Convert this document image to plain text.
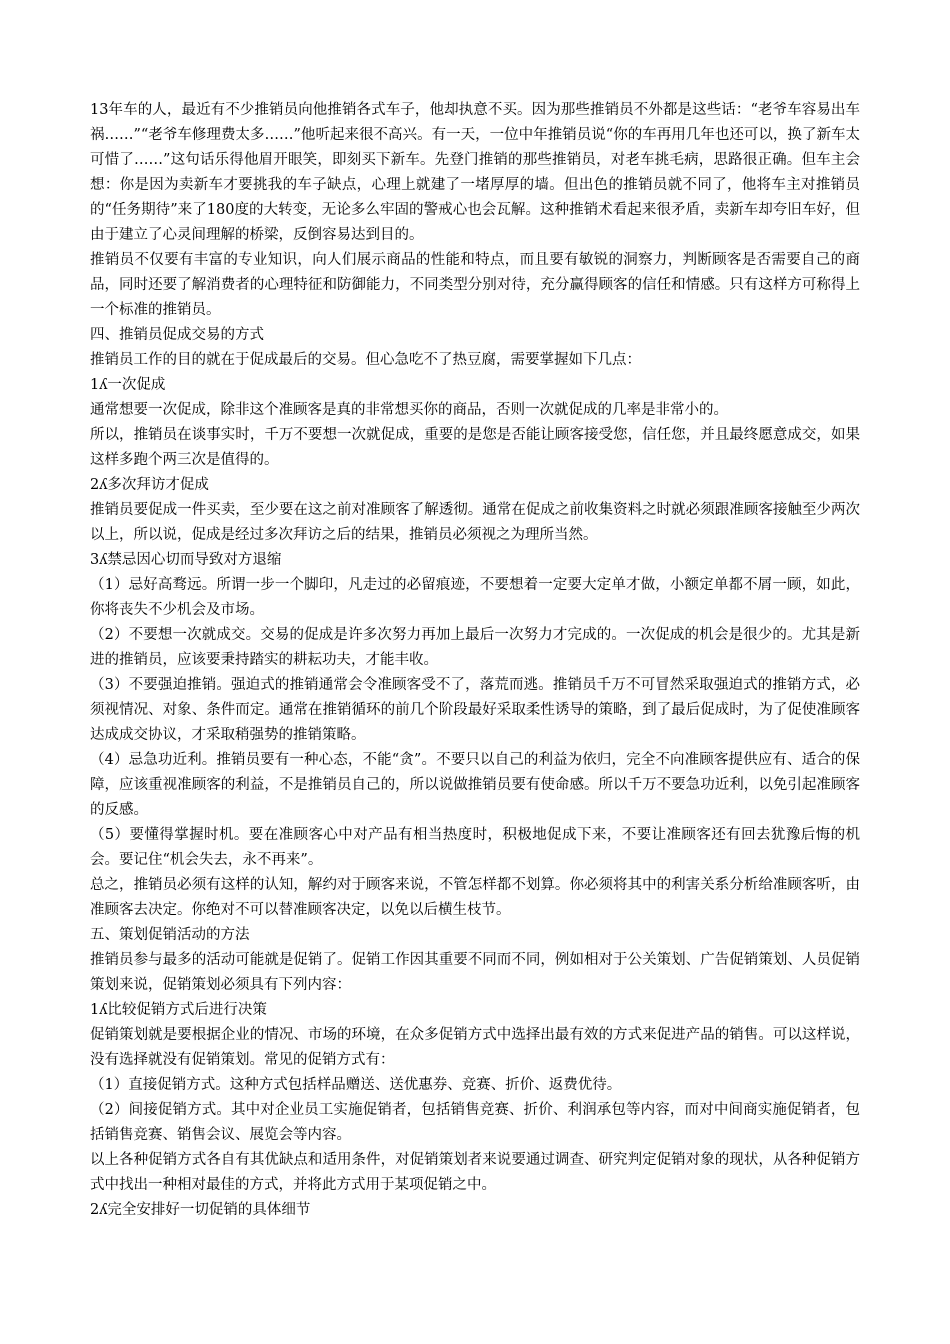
13年车的人，最近有不少推销员向他推销各式车子，他却执意不买。因为那些推销员不外都是这些话：“老爷车容易出车祸……”“老爷车修理费太多……”他听起来很不高兴。有一天，一位中年推销员说“你的车再用几年也还可以，换了新车太可惜了……”这句话乐得他眉开眼笑，即刻买下新车。先登门推销的那些推销员，对老车挑毛病，思路很正确。但车主会想：你是因为卖新车才要挑我的车子缺点，心理上就建了一堵厚厚的墙。但出色的推销员就不同了，他将车主对推销员的“任务期待”来了180度的大转变，无论多么牢固的警戒心也会瓦解。这种推销术看起来很矛盾，卖新车却夸旧车好，但由于建立了心灵间理解的桥梁，反倒容易达到目的。

推销员不仅要有丰富的专业知识，向人们展示商品的性能和特点，而且要有敏锐的洞察力，判断顾客是否需要自己的商品，同时还要了解消费者的心理特征和防御能力，不同类型分别对待，充分赢得顾客的信任和情感。只有这样方可称得上一个标准的推销员。

四、推销员促成交易的方式

推销员工作的目的就在于促成最后的交易。但心急吃不了热豆腐，需要掌握如下几点：

1ʎ一次促成

通常想要一次促成，除非这个准顾客是真的非常想买你的商品，否则一次就促成的几率是非常小的。

所以，推销员在谈事实时，千万不要想一次就促成，重要的是您是否能让顾客接受您，信任您，并且最终愿意成交，如果这样多跑个两三次是值得的。

2ʎ多次拜访才促成

推销员要促成一件买卖，至少要在这之前对准顾客了解透彻。通常在促成之前收集资料之时就必须跟准顾客接触至少两次以上，所以说，促成是经过多次拜访之后的结果，推销员必须视之为理所当然。

3ʎ禁忌因心切而导致对方退缩

（1）忌好高骛远。所谓一步一个脚印，凡走过的必留痕迹，不要想着一定要大定单才做，小额定单都不屑一顾，如此，你将丧失不少机会及市场。

（2）不要想一次就成交。交易的促成是许多次努力再加上最后一次努力才完成的。一次促成的机会是很少的。尤其是新进的推销员，应该要秉持踏实的耕耘功夫，才能丰收。

（3）不要强迫推销。强迫式的推销通常会令准顾客受不了，落荒而逃。推销员千万不可冒然采取强迫式的推销方式，必须视情况、对象、条件而定。通常在推销循环的前几个阶段最好采取柔性诱导的策略，到了最后促成时，为了促使准顾客达成成交协议，才采取稍强势的推销策略。

（4）忌急功近利。推销员要有一种心态，不能“贪”。不要只以自己的利益为依归，完全不向准顾客提供应有、适合的保障，应该重视准顾客的利益，不是推销员自己的，所以说做推销员要有使命感。所以千万不要急功近利，以免引起准顾客的反感。

（5）要懂得掌握时机。要在准顾客心中对产品有相当热度时，积极地促成下来，不要让准顾客还有回去犹豫后悔的机会。要记住“机会失去，永不再来”。

总之，推销员必须有这样的认知，解约对于顾客来说，不管怎样都不划算。你必须将其中的利害关系分析给准顾客听，由准顾客去决定。你绝对不可以替准顾客决定，以免以后横生枝节。

五、策划促销活动的方法

推销员参与最多的活动可能就是促销了。促销工作因其重要不同而不同，例如相对于公关策划、广告促销策划、人员促销策划来说，促销策划必须具有下列内容：

1ʎ比较促销方式后进行决策

促销策划就是要根据企业的情况、市场的环境，在众多促销方式中选择出最有效的方式来促进产品的销售。可以这样说，没有选择就没有促销策划。常见的促销方式有：

（1）直接促销方式。这种方式包括样品赠送、送优惠券、竞赛、折价、返费优待。

（2）间接促销方式。其中对企业员工实施促销者，包括销售竞赛、折价、利润承包等内容，而对中间商实施促销者，包括销售竞赛、销售会议、展览会等内容。

以上各种促销方式各自有其优缺点和适用条件，对促销策划者来说要通过调查、研究判定促销对象的现状，从各种促销方式中找出一种相对最佳的方式，并将此方式用于某项促销之中。

2ʎ完全安排好一切促销的具体细节
